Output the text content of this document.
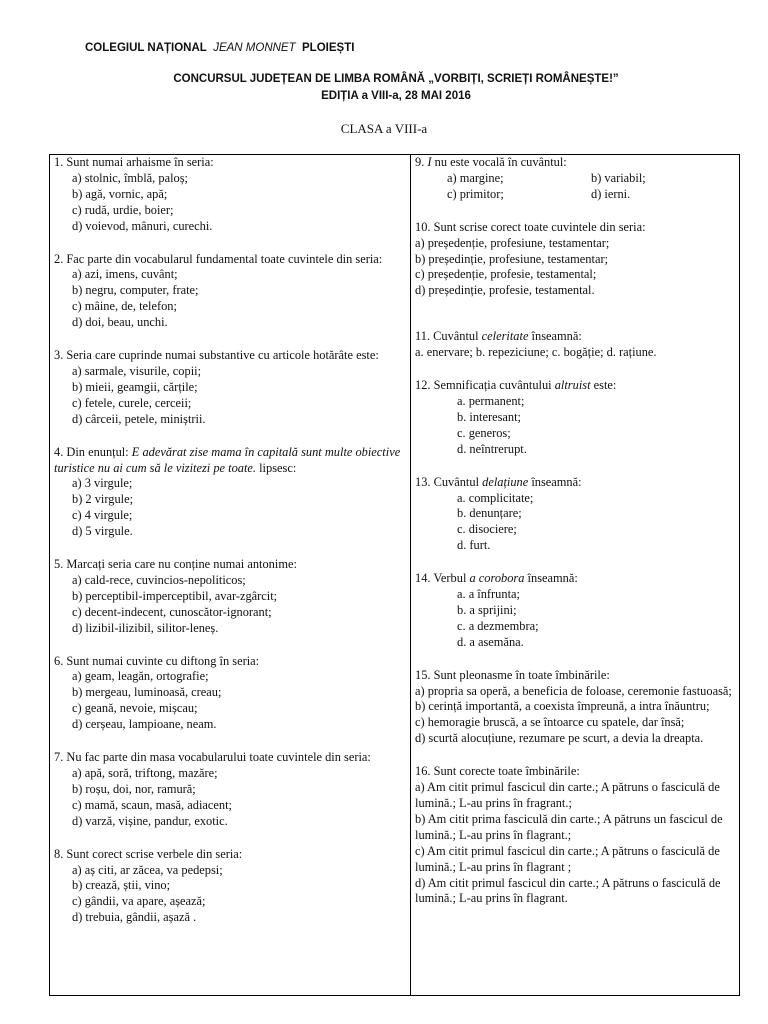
COLEGIUL NAȚIONAL JEAN MONNET PLOIEȘTI
CONCURSUL JUDEȚEAN DE LIMBA ROMÂNĂ „VORBIȚI, SCRIEȚI ROMÂNEȘTE!”
EDIȚIA a VIII-a, 28 MAI 2016
CLASA a VIII-a
1. Sunt numai arhaisme în seria:
a) stolnic, îmblă, paloș;
b) agă, vornic, apă;
c) rudă, urdie, boier;
d) voievod, mânuri, curechi.
2. Fac parte din vocabularul fundamental toate cuvintele din seria:
a) azi, imens, cuvânt;
b) negru, computer, frate;
c) mâine, de, telefon;
d) doi, beau, unchi.
3. Seria care cuprinde numai substantive cu articole hotărâte este:
a) sarmale, visurile, copii;
b) mieii, geamgii, cărțile;
c) fetele, curele, cerceii;
d) cârceii, petele, miniștrii.
4. Din enunțul: E adevărat zise mama în capitală sunt multe obiective turistice nu ai cum să le vizitezi pe toate. lipsesc:
a) 3 virgule;
b) 2 virgule;
c) 4 virgule;
d) 5 virgule.
5. Marcați seria care nu conține numai antonime:
a) cald-rece, cuvincios-nepoliticos;
b) perceptibil-imperceptibil, avar-zgârcit;
c) decent-indecent, cunoscător-ignorant;
d) lizibil-ilizibil, silitor-leneș.
6. Sunt numai cuvinte cu diftong în seria:
a) geam, leagăn, ortografie;
b) mergeau, luminoasă, creau;
c) geană, nevoie, mișcau;
d) cerșeau, lampioane, neam.
7. Nu fac parte din masa vocabularului toate cuvintele din seria:
a) apă, soră, triftong, mazăre;
b) roșu, doi, nor, ramură;
c) mamă, scaun, masă, adiacent;
d) varză, vișine, pandur, exotic.
8. Sunt corect scrise verbele din seria:
a) aș citi, ar zăcea, va pedepsi;
b) crează, știi, vino;
c) gândii, va apare, așează;
d) trebuia, gândii, așază .
9. I nu este vocală în cuvântul:
a) margine;	b) variabil;
c) primitor;	d) ierni.
10. Sunt scrise corect toate cuvintele din seria:
a) președenție, profesiune, testamentar;
b) președinție, profesiune, testamentar;
c) președenție, profesie, testamental;
d) președinție, profesie, testamental.
11. Cuvântul celeritate înseamnă:
a. enervare; b. repeziciune; c. bogăție; d. rațiune.
12. Semnificația cuvântului altruist este:
a. permanent;
b. interesant;
c. generos;
d. neîntrerupt.
13. Cuvântul delațiune înseamnă:
a. complicitate;
b. denunțare;
c. disociere;
d. furt.
14. Verbul a corobora înseamnă:
a. a înfrunta;
b. a sprijini;
c. a dezmembra;
d. a asemăna.
15. Sunt pleonasme în toate îmbinările:
a) propria sa operă, a beneficia de foloase, ceremonie fastuoasă;
b) cerință importantă, a coexista împreună, a intra înăuntru;
c) hemoragie bruscă, a se întoarce cu spatele, dar însă;
d) scurtă alocuțiune, rezumare pe scurt, a devia la dreapta.
16. Sunt corecte toate îmbinările:
a) Am citit primul fascicul din carte.; A pătruns o fasciculă de lumină.; L-au prins în fragrant.;
b) Am citit prima fasciculă din carte.; A pătruns un fascicul de lumină.; L-au prins în flagrant.;
c) Am citit primul fascicul din carte.; A pătruns o fasciculă de lumină.; L-au prins în flagrant ;
d) Am citit primul fascicul din carte.; A pătruns o fasciculă de lumină.; L-au prins în flagrant.
